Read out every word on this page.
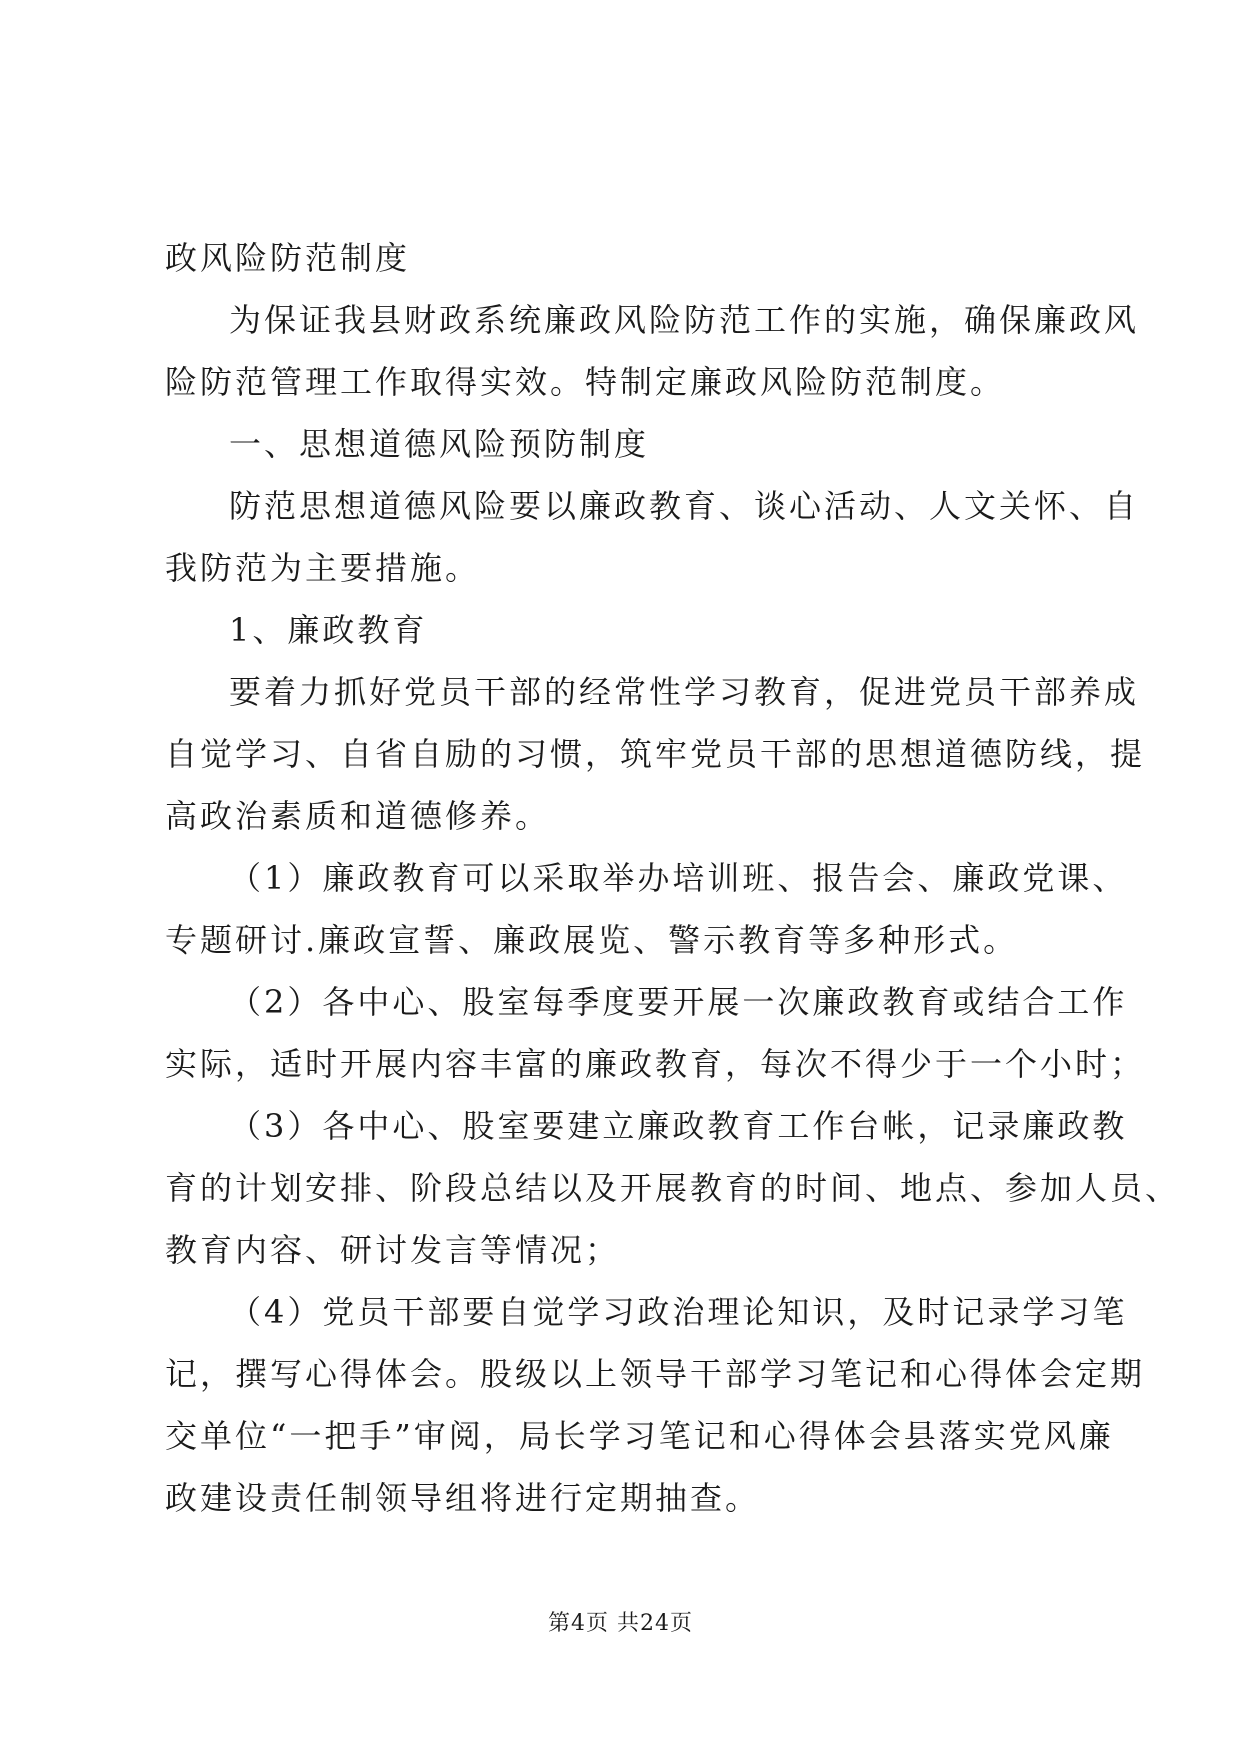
政风险防范制度
为保证我县财政系统廉政风险防范工作的实施，确保廉政风
险防范管理工作取得实效。特制定廉政风险防范制度。
一、思想道德风险预防制度
防范思想道德风险要以廉政教育、谈心活动、人文关怀、自
我防范为主要措施。
1、廉政教育
要着力抓好党员干部的经常性学习教育，促进党员干部养成
自觉学习、自省自励的习惯，筑牢党员干部的思想道德防线，提
高政治素质和道德修养。
（1）廉政教育可以采取举办培训班、报告会、廉政党课、
专题研讨.廉政宣誓、廉政展览、警示教育等多种形式。
（2）各中心、股室每季度要开展一次廉政教育或结合工作
实际，适时开展内容丰富的廉政教育，每次不得少于一个小时；
（3）各中心、股室要建立廉政教育工作台帐，记录廉政教
育的计划安排、阶段总结以及开展教育的时间、地点、参加人员、
教育内容、研讨发言等情况；
（4）党员干部要自觉学习政治理论知识，及时记录学习笔
记，撰写心得体会。股级以上领导干部学习笔记和心得体会定期
交单位“一把手”审阅，局长学习笔记和心得体会县落实党风廉
政建设责任制领导组将进行定期抽查。
第4页 共24页
